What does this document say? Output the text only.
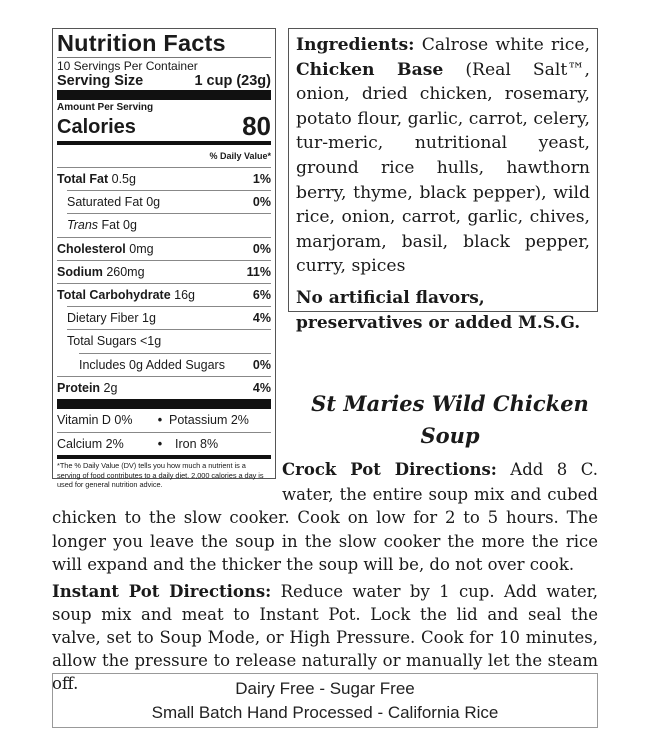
Nutrition Facts
10 Servings Per Container
Serving Size	1 cup (23g)
Amount Per Serving
Calories	80
% Daily Value*
Total Fat 0.5g	1%
Saturated Fat 0g	0%
Trans Fat 0g
Cholesterol 0mg	0%
Sodium 260mg	11%
Total Carbohydrate 16g	6%
Dietary Fiber 1g	4%
Total Sugars <1g
Includes 0g Added Sugars 0%
Protein 2g	4%
Vitamin D 0%	• Potassium 2%
Calcium 2%	•	Iron 8%
*The % Daily Value (DV) tells you how much a nutrient is a serving of food contributes to a daily diet. 2,000 calories a day is used for general nutrition advice.

Ingredients: Calrose white rice, Chicken Base (Real Salt™, onion, dried chicken, rosemary, potato flour, garlic, carrot, celery, tur-meric, nutritional yeast, ground rice hulls, hawthorn berry, thyme, black pepper), wild rice, onion, carrot, garlic, chives, marjoram, basil, black pepper, curry, spices

No artificial flavors, preservatives or added M.S.G.

St Maries Wild Chicken
Soup
Crock Pot Directions: Add 8 C. water, the entire soup mix and cubed
chicken to the slow cooker. Cook on low for 2 to 5 hours. The longer you leave the soup in the slow cooker the more the rice will expand and the thicker the soup will be, do not over cook.
Instant Pot Directions: Reduce water by 1 cup. Add water, soup mix and meat to Instant Pot. Lock the lid and seal the valve, set to Soup Mode, or High Pressure. Cook for 10 minutes, allow the pressure to release naturally or manually let the steam off.	Dairy Free - Sugar Free
Small Batch Hand Processed - California Rice
